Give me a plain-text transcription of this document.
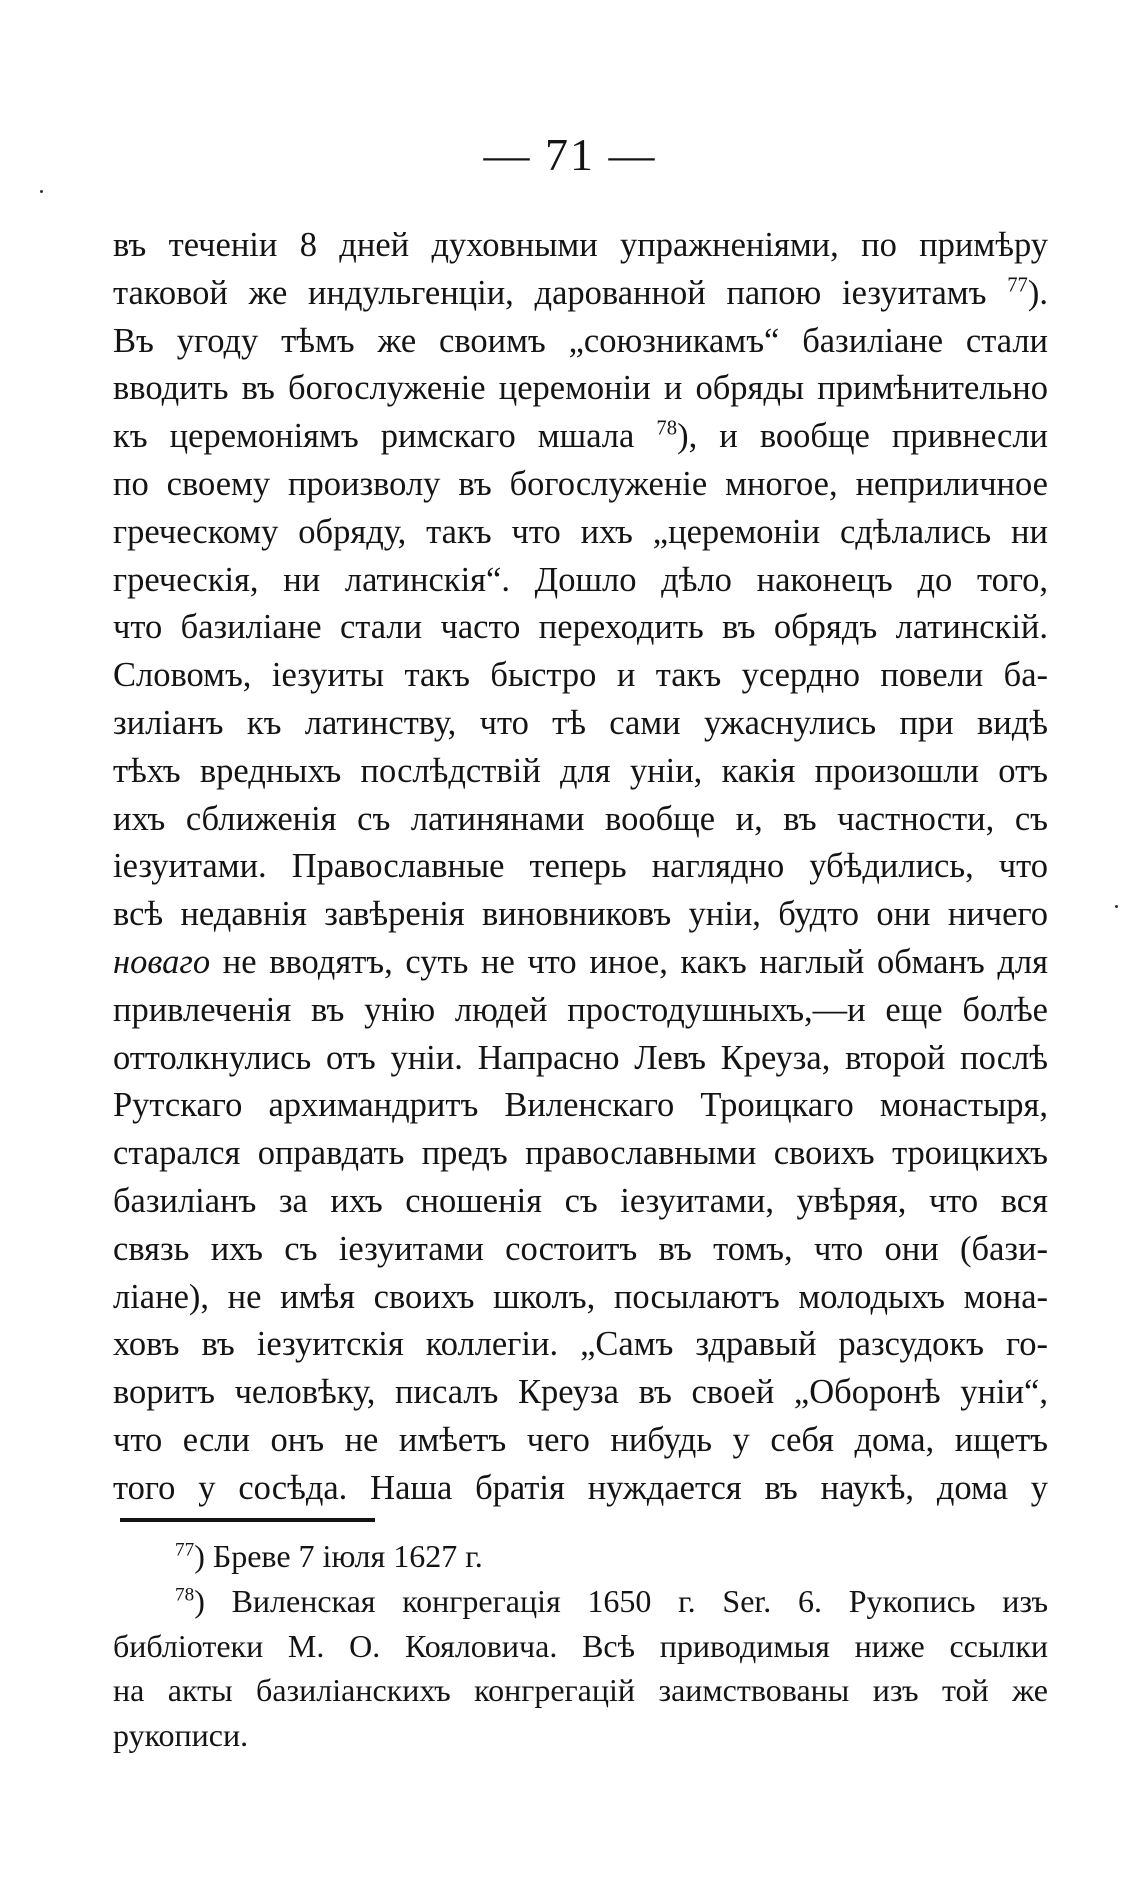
— 71 —
въ теченіи 8 дней духовными упражненіями, по примѣру
таковой же индульгенціи, дарованной папою іезуитамъ $^{77}$).
Въ угоду тѣмъ же своимъ „союзникамъ“ базиліане стали
вводить въ богослуженіе церемоніи и обряды примѣнительно
къ церемоніямъ римскаго мшала $^{78}$), и вообще привнесли
по своему произволу въ богослуженіе многое, неприличное
греческому обряду, такъ что ихъ „церемоніи сдѣлались ни
греческія, ни латинскія“. Дошло дѣло наконецъ до того,
что базиліане стали часто переходить въ обрядъ латинскій.
Словомъ, іезуиты такъ быстро и такъ усердно повели ба-
зиліанъ къ латинству, что тѣ сами ужаснулись при видѣ
тѣхъ вредныхъ послѣдствій для уніи, какія произошли отъ
ихъ сближенія съ латинянами вообще и, въ частности, съ
іезуитами. Православные теперь наглядно убѣдились, что
всѣ недавнія завѣренія виновниковъ уніи, будто они ничего
новаго не вводятъ, суть не что иное, какъ наглый обманъ для
привлеченія въ унію людей простодушныхъ,—и еще болѣе
оттолкнулись отъ уніи. Напрасно Левъ Креуза, второй послѣ
Рутскаго архимандритъ Виленскаго Троицкаго монастыря,
старался оправдать предъ православными своихъ троицкихъ
базиліанъ за ихъ сношенія съ іезуитами, увѣряя, что вся
связь ихъ съ іезуитами состоитъ въ томъ, что они (бази-
ліане), не имѣя своихъ школъ, посылаютъ молодыхъ мона-
ховъ въ іезуитскія коллегіи. „Самъ здравый разсудокъ го-
воритъ человѣку, писалъ Креуза въ своей „Оборонѣ уніи“,
что если онъ не имѣетъ чего нибудь у себя дома, ищетъ
того у сосѣда. Наша братія нуждается въ наукѣ, дома у
$^{77}$) Бреве 7 іюля 1627 г.
$^{78}$) Виленская конгрегація 1650 г. Ser. 6. Рукопись изъ
библіотеки М. О. Кояловича. Всѣ приводимыя ниже ссылки
на акты базиліанскихъ конгрегацій заимствованы изъ той же
рукописи.
